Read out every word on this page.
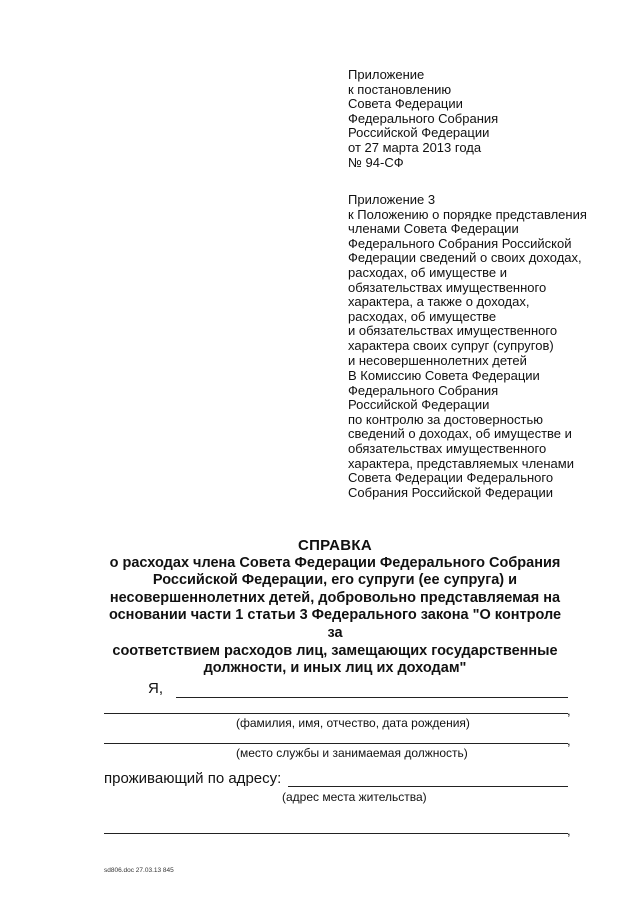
Приложение
к постановлению
Совета Федерации
Федерального Собрания
Российской Федерации
от 27 марта 2013 года
№ 94-СФ
Приложение 3
к Положению о порядке представления
членами Совета Федерации
Федерального Собрания Российской
Федерации сведений о своих доходах,
расходах, об имуществе и
обязательствах имущественного
характера, а также о доходах,
расходах, об имуществе
и обязательствах имущественного
характера своих супруг (супругов)
и несовершеннолетних детей
В Комиссию Совета Федерации
Федерального Собрания
Российской Федерации
по контролю за достоверностью
сведений о доходах, об имуществе и
обязательствах имущественного
характера, представляемых членами
Совета Федерации Федерального
Собрания Российской Федерации
СПРАВКА
о расходах члена Совета Федерации Федерального Собрания
Российской Федерации, его супруги (ее супруга) и
несовершеннолетних детей, добровольно представляемая на
основании части 1 статьи 3 Федерального закона "О контроле за
соответствием расходов лиц, замещающих государственные
должности, и иных лиц их доходам"
Я,
,
(фамилия, имя, отчество, дата рождения)
,
(место службы и занимаемая должность)
проживающий по адресу:
(адрес места жительства)
,
sd806.doc 27.03.13 845
